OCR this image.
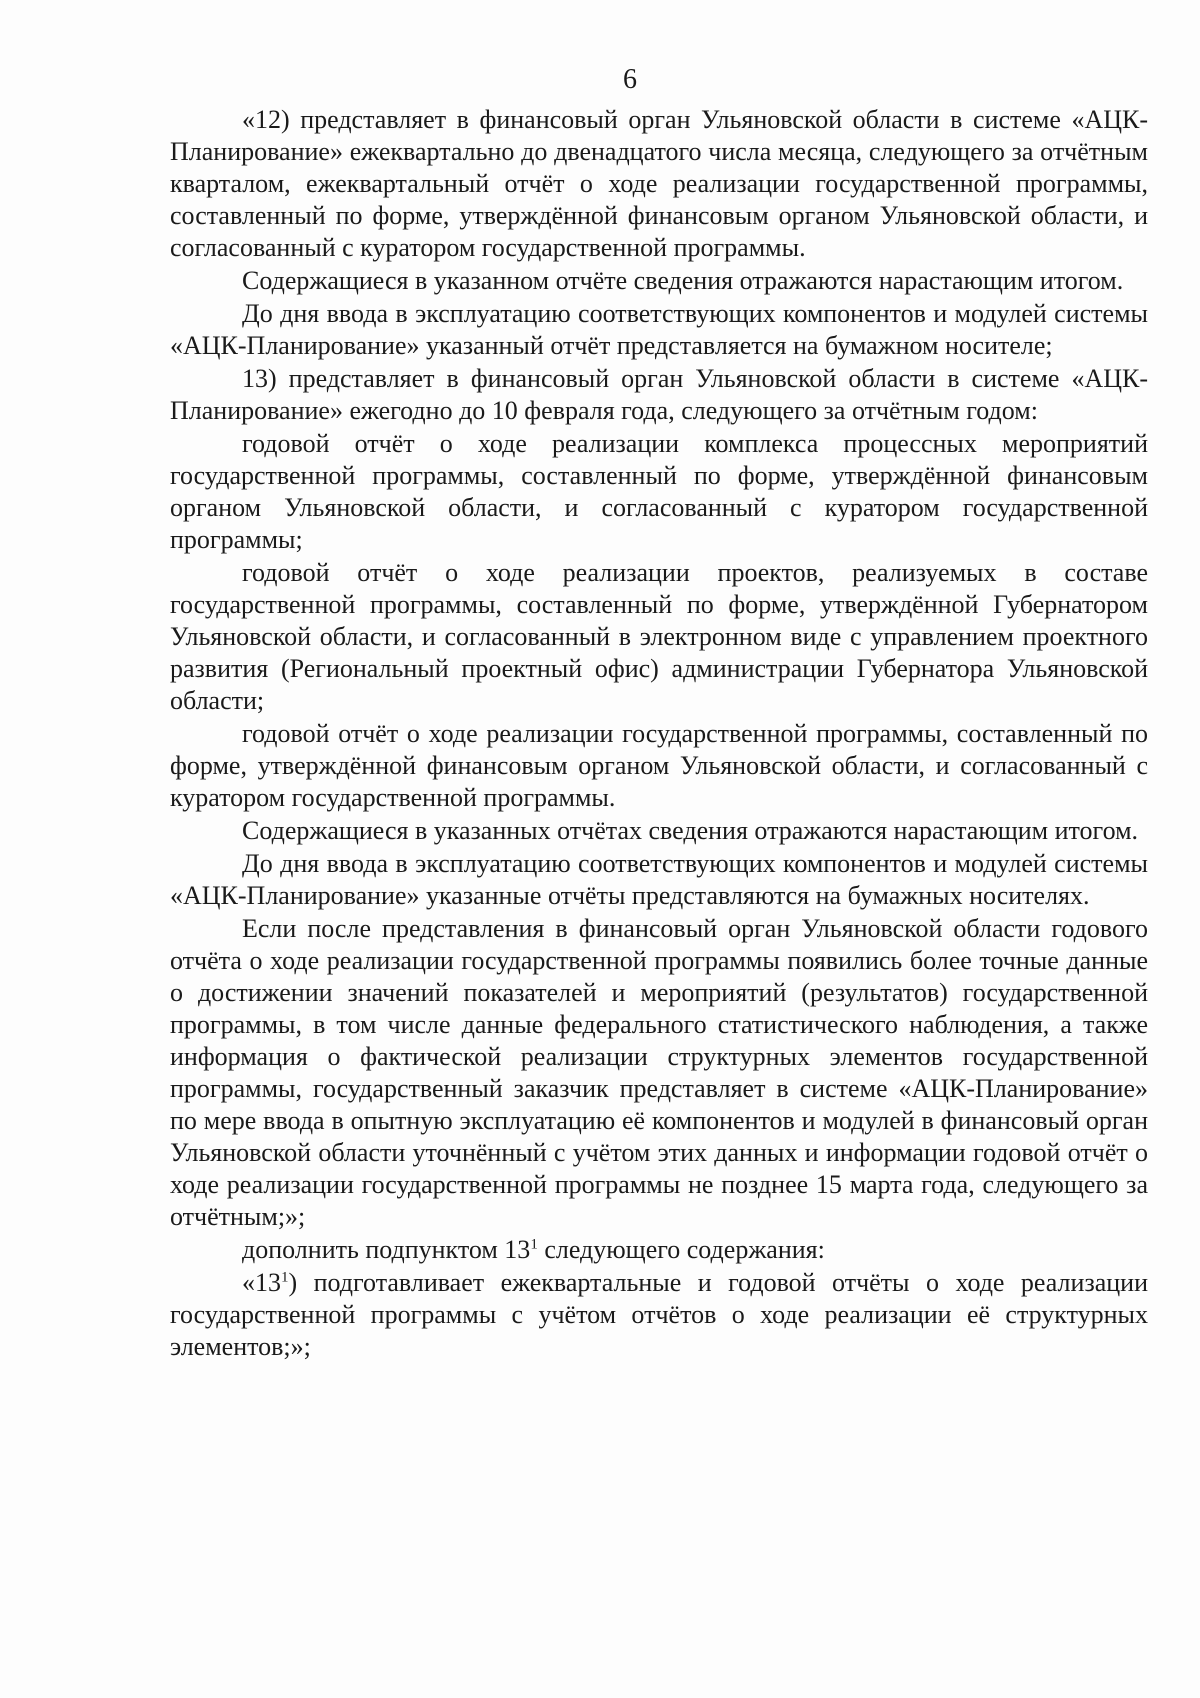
6

«12) представляет в финансовый орган Ульяновской области в системе «АЦК-Планирование» ежеквартально до двенадцатого числа месяца, следующего за отчётным кварталом, ежеквартальный отчёт о ходе реализации государственной программы, составленный по форме, утверждённой финансовым органом Ульяновской области, и согласованный с куратором государственной программы.

Содержащиеся в указанном отчёте сведения отражаются нарастающим итогом.

До дня ввода в эксплуатацию соответствующих компонентов и модулей системы «АЦК-Планирование» указанный отчёт представляется на бумажном носителе;

13) представляет в финансовый орган Ульяновской области в системе «АЦК-Планирование» ежегодно до 10 февраля года, следующего за отчётным годом:

годовой отчёт о ходе реализации комплекса процессных мероприятий государственной программы, составленный по форме, утверждённой финансовым органом Ульяновской области, и согласованный с куратором государственной программы;

годовой отчёт о ходе реализации проектов, реализуемых в составе государственной программы, составленный по форме, утверждённой Губернатором Ульяновской области, и согласованный в электронном виде с управлением проектного развития (Региональный проектный офис) администрации Губернатора Ульяновской области;

годовой отчёт о ходе реализации государственной программы, составленный по форме, утверждённой финансовым органом Ульяновской области, и согласованный с куратором государственной программы.

Содержащиеся в указанных отчётах сведения отражаются нарастающим итогом.

До дня ввода в эксплуатацию соответствующих компонентов и модулей системы «АЦК-Планирование» указанные отчёты представляются на бумажных носителях.

Если после представления в финансовый орган Ульяновской области годового отчёта о ходе реализации государственной программы появились более точные данные о достижении значений показателей и мероприятий (результатов) государственной программы, в том числе данные федерального статистического наблюдения, а также информация о фактической реализации структурных элементов государственной программы, государственный заказчик представляет в системе «АЦК-Планирование» по мере ввода в опытную эксплуатацию её компонентов и модулей в финансовый орган Ульяновской области уточнённый с учётом этих данных и информации годовой отчёт о ходе реализации государственной программы не позднее 15 марта года, следующего за отчётным;»;

дополнить подпунктом $13^1$ следующего содержания:

«$13^1$) подготавливает ежеквартальные и годовой отчёты о ходе реализации государственной программы с учётом отчётов о ходе реализации её структурных элементов;»;
